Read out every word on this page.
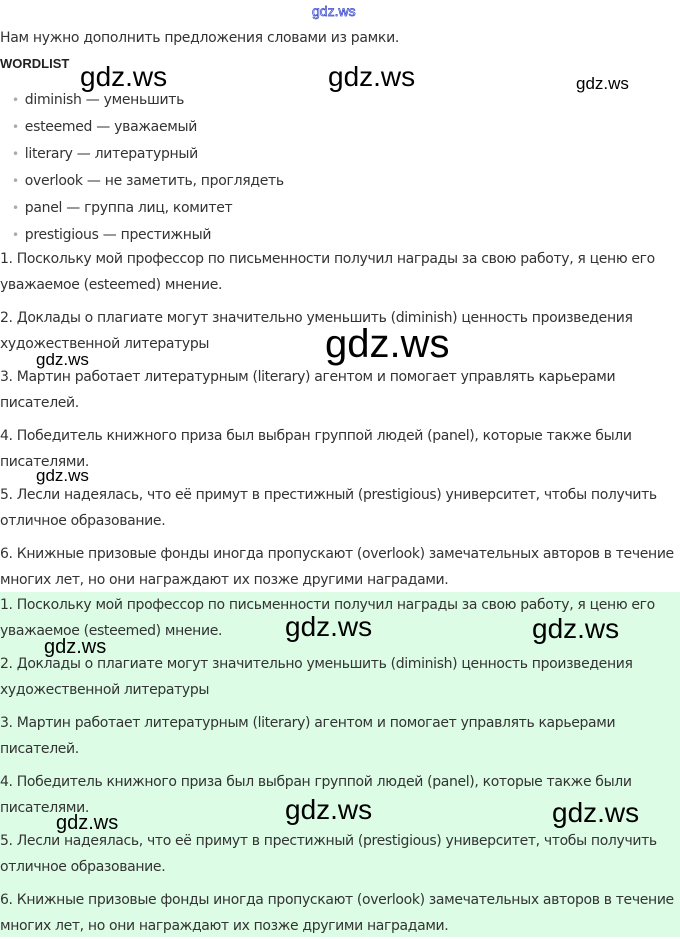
gdz.ws
Нам нужно дополнить предложения словами из рамки.
WORDLIST
• diminish — уменьшить
• esteemed — уважаемый
• literary — литературный
• overlook — не заметить, проглядеть
• panel — группа лиц, комитет
• prestigious — престижный
1. Поскольку мой профессор по письменности получил награды за свою работу, я ценю его уважаемое (esteemed) мнение.
2. Доклады о плагиате могут значительно уменьшить (diminish) ценность произведения художественной литературы
3. Мартин работает литературным (literary) агентом и помогает управлять карьерами писателей.
4. Победитель книжного приза был выбран группой людей (panel), которые также были писателями.
5. Лесли надеялась, что её примут в престижный (prestigious) университет, чтобы получить отличное образование.
6. Книжные призовые фонды иногда пропускают (overlook) замечательных авторов в течение многих лет, но они награждают их позже другими наградами.
1. Поскольку мой профессор по письменности получил награды за свою работу, я ценю его уважаемое (esteemed) мнение.
2. Доклады о плагиате могут значительно уменьшить (diminish) ценность произведения художественной литературы
3. Мартин работает литературным (literary) агентом и помогает управлять карьерами писателей.
4. Победитель книжного приза был выбран группой людей (panel), которые также были писателями.
5. Лесли надеялась, что её примут в престижный (prestigious) университет, чтобы получить отличное образование.
6. Книжные призовые фонды иногда пропускают (overlook) замечательных авторов в течение многих лет, но они награждают их позже другими наградами.
gdz.ws	gdz.ws	gdz.ws
gdz.ws
gdz.ws
gdz.ws
gdz.ws	gdz.ws
gdz.ws
gdz.ws	gdz.ws
gdz.ws
